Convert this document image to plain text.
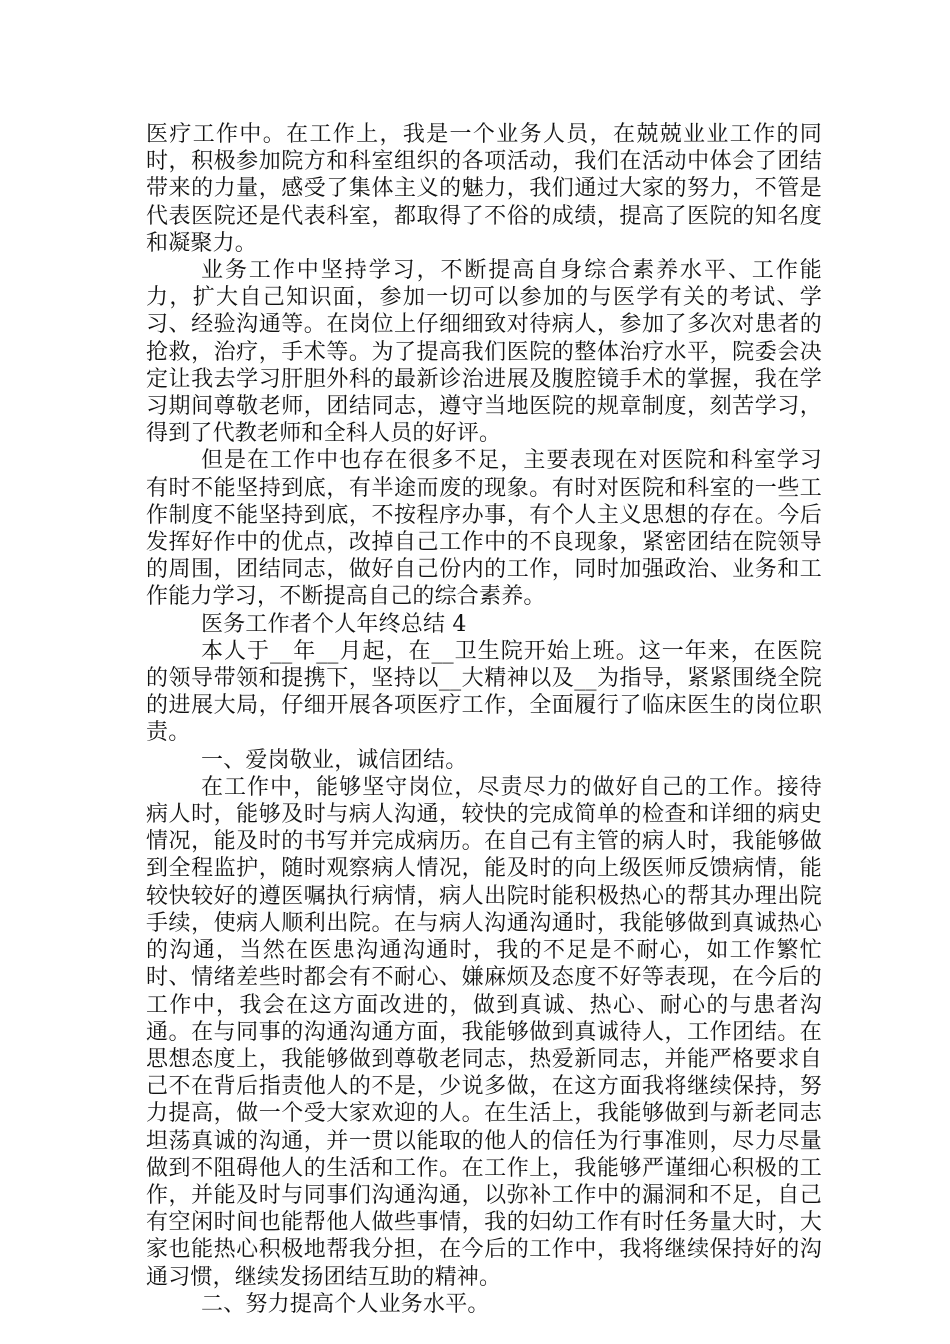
医疗工作中。在工作上，我是一个业务人员，在兢兢业业工作的同时，积极参加院方和科室组织的各项活动，我们在活动中体会了团结带来的力量，感受了集体主义的魅力，我们通过大家的努力，不管是代表医院还是代表科室，都取得了不俗的成绩，提高了医院的知名度和凝聚力。

业务工作中坚持学习，不断提高自身综合素养水平、工作能力，扩大自己知识面，参加一切可以参加的与医学有关的考试、学习、经验沟通等。在岗位上仔细细致对待病人，参加了多次对患者的抢救，治疗，手术等。为了提高我们医院的整体治疗水平，院委会决定让我去学习肝胆外科的最新诊治进展及腹腔镜手术的掌握，我在学习期间尊敬老师，团结同志，遵守当地医院的规章制度，刻苦学习，得到了代教老师和全科人员的好评。

但是在工作中也存在很多不足，主要表现在对医院和科室学习有时不能坚持到底，有半途而废的现象。有时对医院和科室的一些工作制度不能坚持到底，不按程序办事，有个人主义思想的存在。今后发挥好作中的优点，改掉自己工作中的不良现象，紧密团结在院领导的周围，团结同志，做好自己份内的工作，同时加强政治、业务和工作能力学习，不断提高自己的综合素养。

医务工作者个人年终总结 4

本人于__年__月起，在__卫生院开始上班。这一年来，在医院的领导带领和提携下，坚持以__大精神以及__为指导，紧紧围绕全院的进展大局，仔细开展各项医疗工作，全面履行了临床医生的岗位职责。

一、爱岗敬业，诚信团结。

在工作中，能够坚守岗位，尽责尽力的做好自己的工作。接待病人时，能够及时与病人沟通，较快的完成简单的检查和详细的病史情况，能及时的书写并完成病历。在自己有主管的病人时，我能够做到全程监护，随时观察病人情况，能及时的向上级医师反馈病情，能较快较好的遵医嘱执行病情，病人出院时能积极热心的帮其办理出院手续，使病人顺利出院。在与病人沟通沟通时，我能够做到真诚热心的沟通，当然在医患沟通沟通时，我的不足是不耐心，如工作繁忙时、情绪差些时都会有不耐心、嫌麻烦及态度不好等表现，在今后的工作中，我会在这方面改进的，做到真诚、热心、耐心的与患者沟通。在与同事的沟通沟通方面，我能够做到真诚待人，工作团结。在思想态度上，我能够做到尊敬老同志，热爱新同志，并能严格要求自己不在背后指责他人的不是，少说多做，在这方面我将继续保持，努力提高，做一个受大家欢迎的人。在生活上，我能够做到与新老同志坦荡真诚的沟通，并一贯以能取的他人的信任为行事准则，尽力尽量做到不阻碍他人的生活和工作。在工作上，我能够严谨细心积极的工作，并能及时与同事们沟通沟通，以弥补工作中的漏洞和不足，自己有空闲时间也能帮他人做些事情，我的妇幼工作有时任务量大时，大家也能热心积极地帮我分担，在今后的工作中，我将继续保持好的沟通习惯，继续发扬团结互助的精神。

二、努力提高个人业务水平。
